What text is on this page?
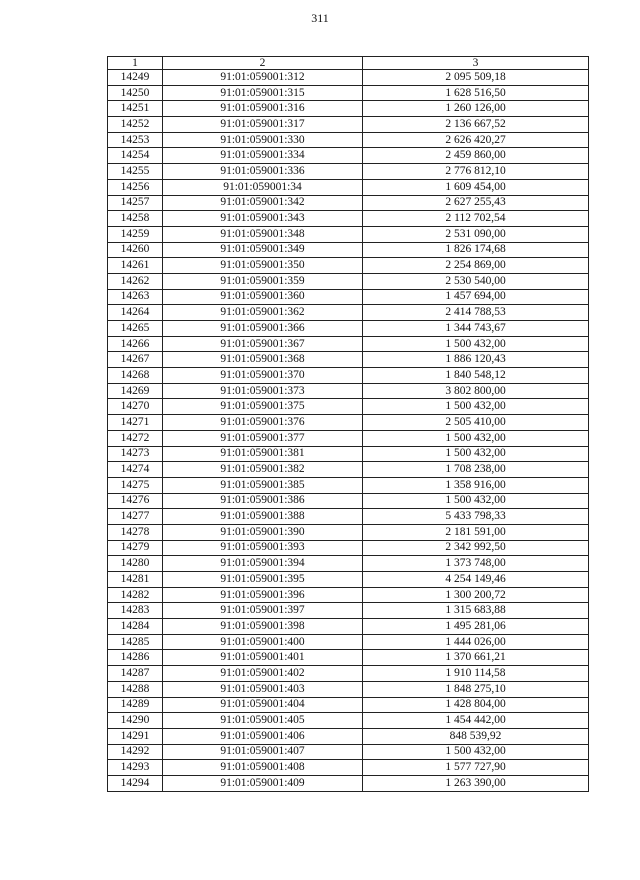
311
1	2	3
14249	91:01:059001:312	2 095 509,18
14250	91:01:059001:315	1 628 516,50
14251	91:01:059001:316	1 260 126,00
14252	91:01:059001:317	2 136 667,52
14253	91:01:059001:330	2 626 420,27
14254	91:01:059001:334	2 459 860,00
14255	91:01:059001:336	2 776 812,10
14256	91:01:059001:34	1 609 454,00
14257	91:01:059001:342	2 627 255,43
14258	91:01:059001:343	2 112 702,54
14259	91:01:059001:348	2 531 090,00
14260	91:01:059001:349	1 826 174,68
14261	91:01:059001:350	2 254 869,00
14262	91:01:059001:359	2 530 540,00
14263	91:01:059001:360	1 457 694,00
14264	91:01:059001:362	2 414 788,53
14265	91:01:059001:366	1 344 743,67
14266	91:01:059001:367	1 500 432,00
14267	91:01:059001:368	1 886 120,43
14268	91:01:059001:370	1 840 548,12
14269	91:01:059001:373	3 802 800,00
14270	91:01:059001:375	1 500 432,00
14271	91:01:059001:376	2 505 410,00
14272	91:01:059001:377	1 500 432,00
14273	91:01:059001:381	1 500 432,00
14274	91:01:059001:382	1 708 238,00
14275	91:01:059001:385	1 358 916,00
14276	91:01:059001:386	1 500 432,00
14277	91:01:059001:388	5 433 798,33
14278	91:01:059001:390	2 181 591,00
14279	91:01:059001:393	2 342 992,50
14280	91:01:059001:394	1 373 748,00
14281	91:01:059001:395	4 254 149,46
14282	91:01:059001:396	1 300 200,72
14283	91:01:059001:397	1 315 683,88
14284	91:01:059001:398	1 495 281,06
14285	91:01:059001:400	1 444 026,00
14286	91:01:059001:401	1 370 661,21
14287	91:01:059001:402	1 910 114,58
14288	91:01:059001:403	1 848 275,10
14289	91:01:059001:404	1 428 804,00
14290	91:01:059001:405	1 454 442,00
14291	91:01:059001:406	848 539,92
14292	91:01:059001:407	1 500 432,00
14293	91:01:059001:408	1 577 727,90
14294	91:01:059001:409	1 263 390,00
